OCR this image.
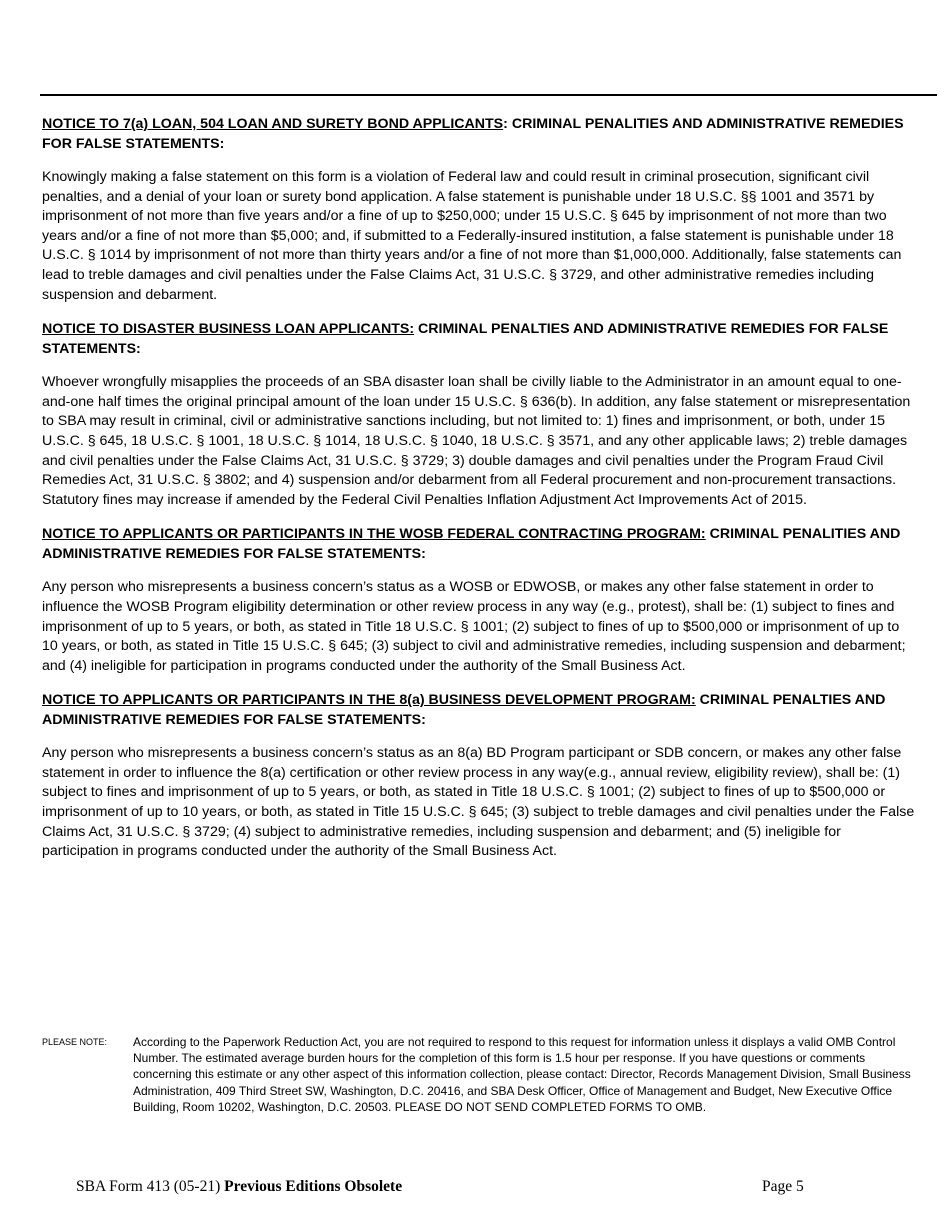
NOTICE TO 7(a) LOAN, 504 LOAN AND SURETY BOND APPLICANTS: CRIMINAL PENALITIES AND ADMINISTRATIVE REMEDIES FOR FALSE STATEMENTS:

Knowingly making a false statement on this form is a violation of Federal law and could result in criminal prosecution, significant civil penalties, and a denial of your loan or surety bond application. A false statement is punishable under 18 U.S.C. §§ 1001 and 3571 by imprisonment of not more than five years and/or a fine of up to $250,000; under 15 U.S.C. § 645 by imprisonment of not more than two years and/or a fine of not more than $5,000; and, if submitted to a Federally-insured institution, a false statement is punishable under 18 U.S.C. § 1014 by imprisonment of not more than thirty years and/or a fine of not more than $1,000,000. Additionally, false statements can lead to treble damages and civil penalties under the False Claims Act, 31 U.S.C. § 3729, and other administrative remedies including suspension and debarment.

NOTICE TO DISASTER BUSINESS LOAN APPLICANTS: CRIMINAL PENALTIES AND ADMINISTRATIVE REMEDIES FOR FALSE STATEMENTS:

Whoever wrongfully misapplies the proceeds of an SBA disaster loan shall be civilly liable to the Administrator in an amount equal to one-and-one half times the original principal amount of the loan under 15 U.S.C. § 636(b). In addition, any false statement or misrepresentation to SBA may result in criminal, civil or administrative sanctions including, but not limited to: 1) fines and imprisonment, or both, under 15 U.S.C. § 645, 18 U.S.C. § 1001, 18 U.S.C. § 1014, 18 U.S.C. § 1040, 18 U.S.C. § 3571, and any other applicable laws; 2) treble damages and civil penalties under the False Claims Act, 31 U.S.C. § 3729; 3) double damages and civil penalties under the Program Fraud Civil Remedies Act, 31 U.S.C. § 3802; and 4) suspension and/or debarment from all Federal procurement and non-procurement transactions. Statutory fines may increase if amended by the Federal Civil Penalties Inflation Adjustment Act Improvements Act of 2015.

NOTICE TO APPLICANTS OR PARTICIPANTS IN THE WOSB FEDERAL CONTRACTING PROGRAM: CRIMINAL PENALITIES AND ADMINISTRATIVE REMEDIES FOR FALSE STATEMENTS:

Any person who misrepresents a business concern’s status as a WOSB or EDWOSB, or makes any other false statement in order to influence the WOSB Program eligibility determination or other review process in any way (e.g., protest), shall be: (1) subject to fines and imprisonment of up to 5 years, or both, as stated in Title 18 U.S.C. § 1001; (2) subject to fines of up to $500,000 or imprisonment of up to 10 years, or both, as stated in Title 15 U.S.C. § 645; (3) subject to civil and administrative remedies, including suspension and debarment; and (4) ineligible for participation in programs conducted under the authority of the Small Business Act.

NOTICE TO APPLICANTS OR PARTICIPANTS IN THE 8(a) BUSINESS DEVELOPMENT PROGRAM: CRIMINAL PENALTIES AND ADMINISTRATIVE REMEDIES FOR FALSE STATEMENTS:

Any person who misrepresents a business concern’s status as an 8(a) BD Program participant or SDB concern, or makes any other false statement in order to influence the 8(a) certification or other review process in any way(e.g., annual review, eligibility review), shall be: (1) subject to fines and imprisonment of up to 5 years, or both, as stated in Title 18 U.S.C. § 1001; (2) subject to fines of up to $500,000 or imprisonment of up to 10 years, or both, as stated in Title 15 U.S.C. § 645; (3) subject to treble damages and civil penalties under the False Claims Act, 31 U.S.C. § 3729; (4) subject to administrative remedies, including suspension and debarment; and (5) ineligible for participation in programs conducted under the authority of the Small Business Act.

PLEASE NOTE:	According to the Paperwork Reduction Act, you are not required to respond to this request for information unless it displays a valid OMB Control Number. The estimated average burden hours for the completion of this form is 1.5 hour per response. If you have questions or comments concerning this estimate or any other aspect of this information collection, please contact: Director, Records Management Division, Small Business Administration, 409 Third Street SW, Washington, D.C. 20416, and SBA Desk Officer, Office of Management and Budget, New Executive Office Building, Room 10202, Washington, D.C. 20503. PLEASE DO NOT SEND COMPLETED FORMS TO OMB.
SBA Form 413 (05-21) Previous Editions Obsolete	Page 5
